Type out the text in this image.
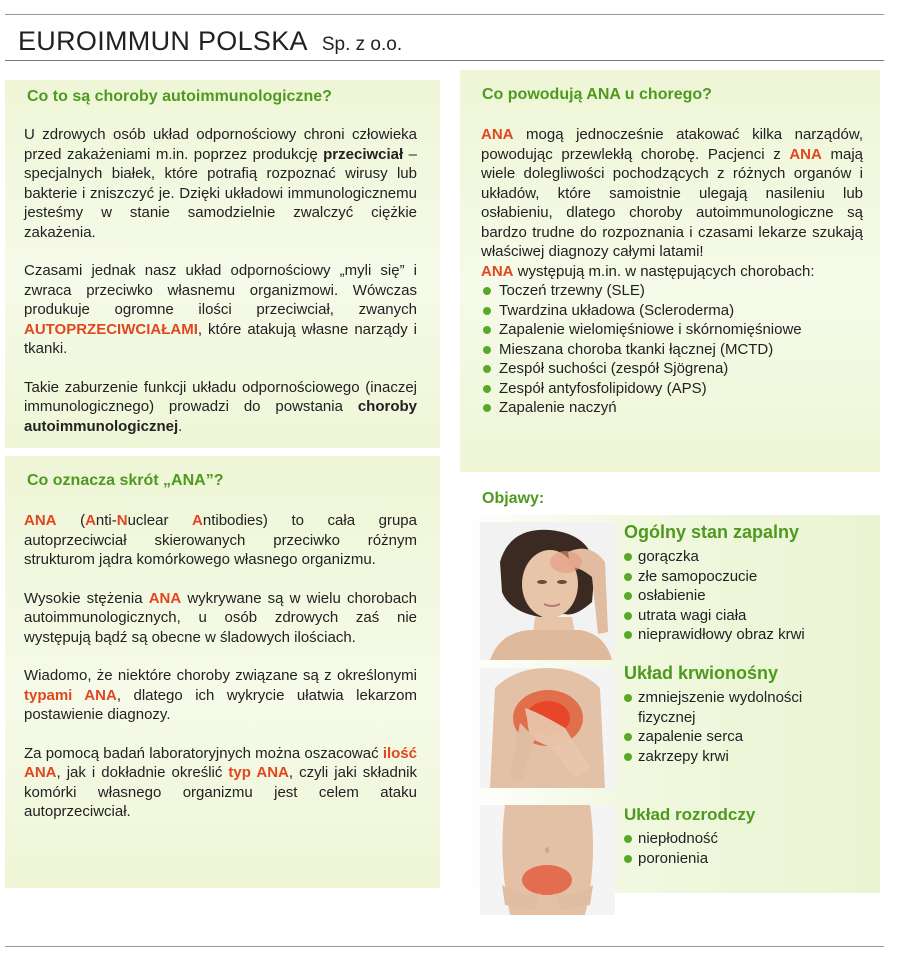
EUROIMMUN POLSKA Sp. z o.o.
Co to są choroby autoimmunologiczne?

U zdrowych osób układ odpornościowy chroni człowieka przed zakażeniami m.in. poprzez produkcję przeciwciał – specjalnych białek, które potrafią rozpoznać wirusy lub bakterie i zniszczyć je. Dzięki układowi immunologicznemu jesteśmy w stanie samodzielnie zwalczyć ciężkie zakażenia.

Czasami jednak nasz układ odpornościowy „myli się” i zwraca przeciwko własnemu organizmowi. Wówczas produkuje ogromne ilości przeciwciał, zwanych AUTOPRZECIWCIAŁAMI, które atakują własne narządy i tkanki.

Takie zaburzenie funkcji układu odpornościowego (inaczej immunologicznego) prowadzi do powstania choroby autoimmunologicznej.

Co oznacza skrót „ANA”?

ANA (Anti-Nuclear Antibodies) to cała grupa autoprzeciwciał skierowanych przeciwko różnym strukturom jądra komórkowego własnego organizmu.

Wysokie stężenia ANA wykrywane są w wielu chorobach autoimmunologicznych, u osób zdrowych zaś nie występują bądź są obecne w śladowych ilościach.

Wiadomo, że niektóre choroby związane są z określonymi typami ANA, dlatego ich wykrycie ułatwia lekarzom postawienie diagnozy.

Za pomocą badań laboratoryjnych można oszacować ilość ANA, jak i dokładnie określić typ ANA, czyli jaki składnik komórki własnego organizmu jest celem ataku autoprzeciwciał.

Co powodują ANA u chorego?

ANA mogą jednocześnie atakować kilka narządów, powodując przewlekłą chorobę. Pacjenci z ANA mają wiele dolegliwości pochodzących z różnych organów i układów, które samoistnie ulegają nasileniu lub osłabieniu, dlatego choroby autoimmunologiczne są bardzo trudne do rozpoznania i czasami lekarze szukają właściwej diagnozy całymi latami!

ANA występują m.in. w następujących chorobach:

Toczeń trzewny (SLE)
Twardzina układowa (Scleroderma)
Zapalenie wielomięśniowe i skórnomięśniowe
Mieszana choroba tkanki łącznej (MCTD)
Zespół suchości (zespół Sjögrena)
Zespół antyfosfolipidowy (APS)
Zapalenie naczyń
Objawy:
Ogólny stan zapalny
gorączka
złe samopoczucie
osłabienie
utrata wagi ciała
nieprawidłowy obraz krwi
Układ krwionośny
zmniejszenie wydolności fizycznej
zapalenie serca
zakrzepy krwi
Układ rozrodczy
niepłodność
poronienia
